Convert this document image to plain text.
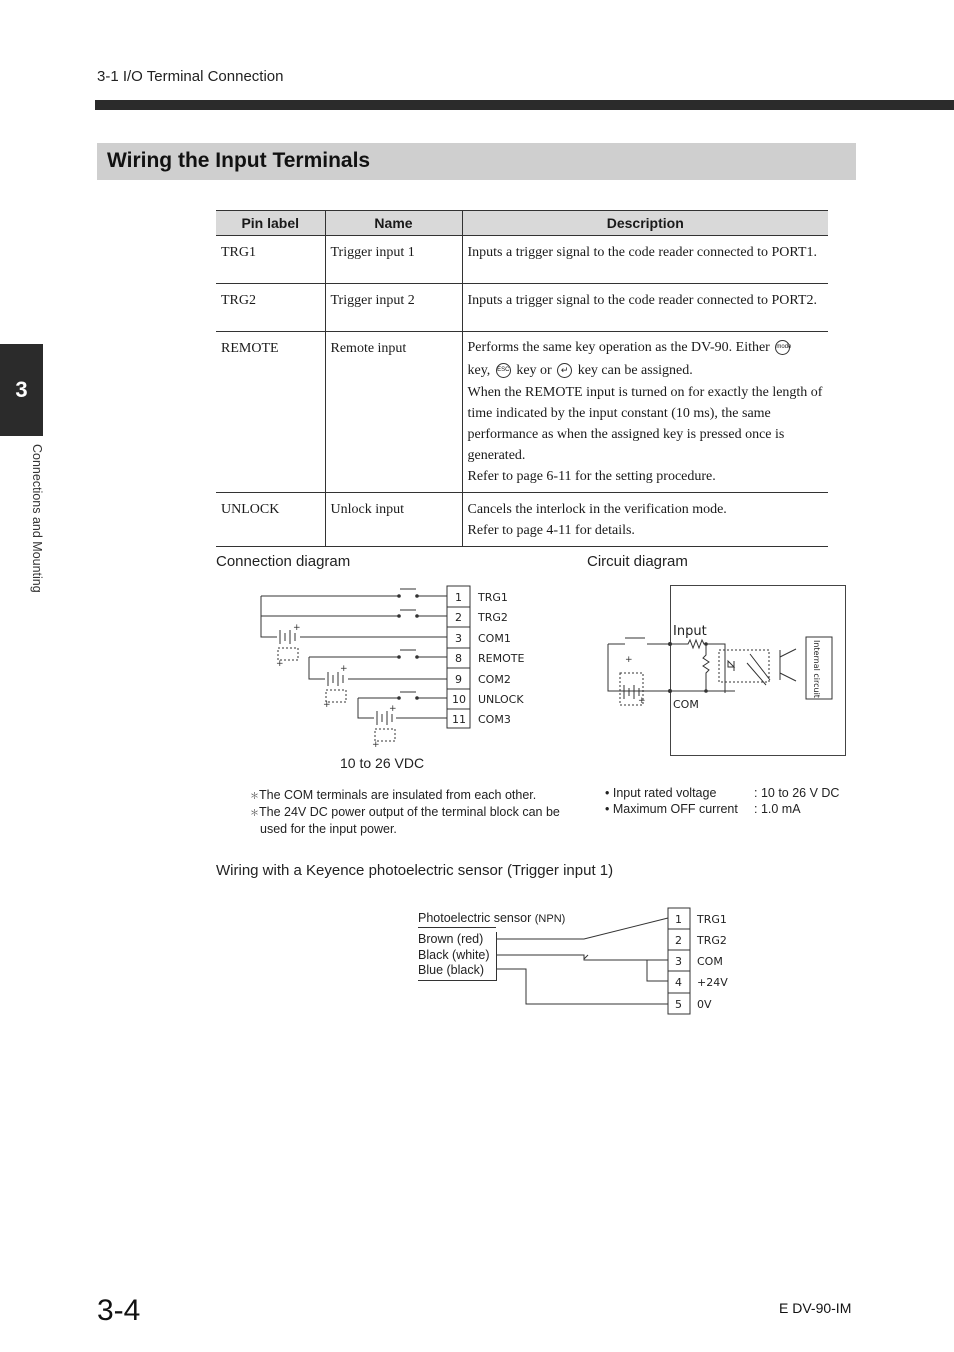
3-1 I/O Terminal Connection
Wiring the Input Terminals
3
Connections and Mounting
Pin label	Name	Description
TRG1	Trigger input 1	Inputs a trigger signal to the code reader connected to PORT1.
TRG2	Trigger input 2	Inputs a trigger signal to the code reader connected to PORT2.
REMOTE	Remote input	Performs the same key operation as the DV-90. Either mode
key, ESC key or ↵ key can be assigned.

When the REMOTE input is turned on for exactly the length of time indicated by the input constant (10 ms), the same performance as when the assigned key is pressed once is generated.
Refer to page 6-11 for the setting procedure.

UNLOCK	Unlock input	Cancels the interlock in the verification mode.
Refer to page 4-11 for details.
Connection diagram
+
+	+
+	+
+
1
2
3
8
9
10
11
TRG1
TRG2
COM1
REMOTE
COM2
UNLOCK
COM3
10 to 26 VDC
＊The COM terminals are insulated from each other.
＊The 24V DC power output of the terminal block can be used for the input power.
Circuit diagram
+
+
Input
COM
Internal circuit
• Input rated voltage	: 10 to 26 V DC
• Maximum OFF current : 1.0 mA
Wiring with a Keyence photoelectric sensor (Trigger input 1)
Photoelectric sensor (NPN)
Brown (red)
Black (white)
Blue (black)
1
2
3
4
5
TRG1
TRG2
COM
+24V
0V
3-4	E DV-90-IM
